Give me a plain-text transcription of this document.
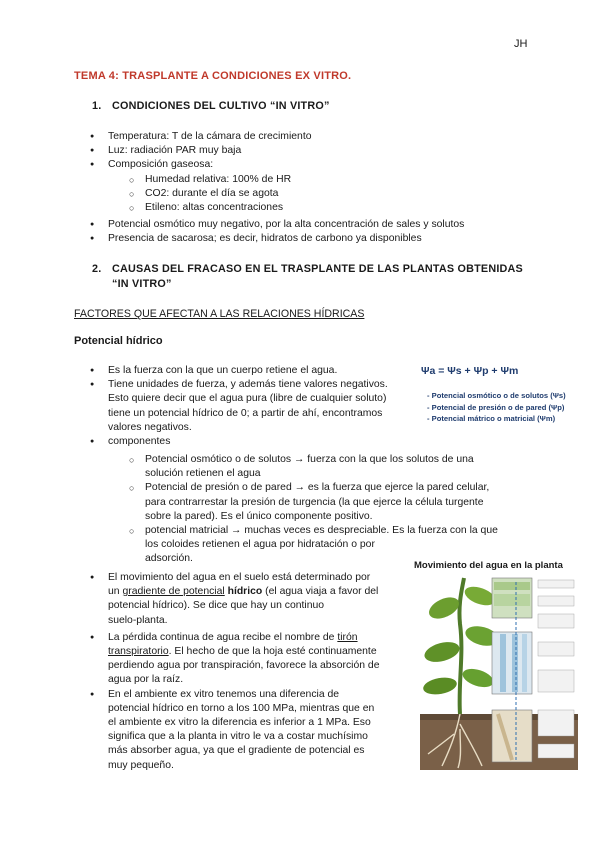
JH
TEMA 4: TRASPLANTE A CONDICIONES EX VITRO.
1. CONDICIONES DEL CULTIVO “IN VITRO”
● Temperatura: T de la cámara de crecimiento
● Luz: radiación PAR muy baja
● Composición gaseosa:
○ Humedad relativa: 100% de HR
○ CO2: durante el día se agota
○ Etileno: altas concentraciones
● Potencial osmótico muy negativo, por la alta concentración de sales y solutos
● Presencia de sacarosa; es decir, hidratos de carbono ya disponibles
2. CAUSAS DEL FRACASO EN EL TRASPLANTE DE LAS PLANTAS OBTENIDAS
“IN VITRO”
FACTORES QUE AFECTAN A LAS RELACIONES HÍDRICAS
Potencial hídrico
Ψa = Ψs + Ψp + Ψm
- Potencial osmótico o de solutos (Ψs)
- Potencial de presión o de pared (Ψp)
- Potencial mátrico o matricial (Ψm)
● Es la fuerza con la que un cuerpo retiene el agua.
● Tiene unidades de fuerza, y además tiene valores negativos.
Esto quiere decir que el agua pura (libre de cualquier soluto)
tiene un potencial hídrico de 0; a partir de ahí, encontramos
valores negativos.
● componentes
○ Potencial osmótico o de solutos → fuerza con la que los solutos de una
solución retienen el agua
○ Potencial de presión o de pared → es la fuerza que ejerce la pared celular,
para contrarrestar la presión de turgencia (la que ejerce la célula turgente
sobre la pared). Es el único componente positivo.
○ potencial matricial → muchas veces es despreciable. Es la fuerza con la que
los coloides retienen el agua por hidratación o por
adsorción.
● El movimiento del agua en el suelo está determinado por
un gradiente de potencial hídrico (el agua viaja a favor del
potencial hídrico). Se dice que hay un continuo
suelo-planta.
● La pérdida continua de agua recibe el nombre de tirón
transpiratorio. El hecho de que la hoja esté continuamente
perdiendo agua por transpiración, favorece la absorción de
agua por la raíz.
● En el ambiente ex vitro tenemos una diferencia de
potencial hídrico en torno a los 100 MPa, mientras que en
el ambiente ex vitro la diferencia es inferior a 1 MPa. Eso
significa que a la planta in vitro le va a costar muchísimo
más absorber agua, ya que el gradiente de potencial es
muy pequeño.
Movimiento del agua en la planta
